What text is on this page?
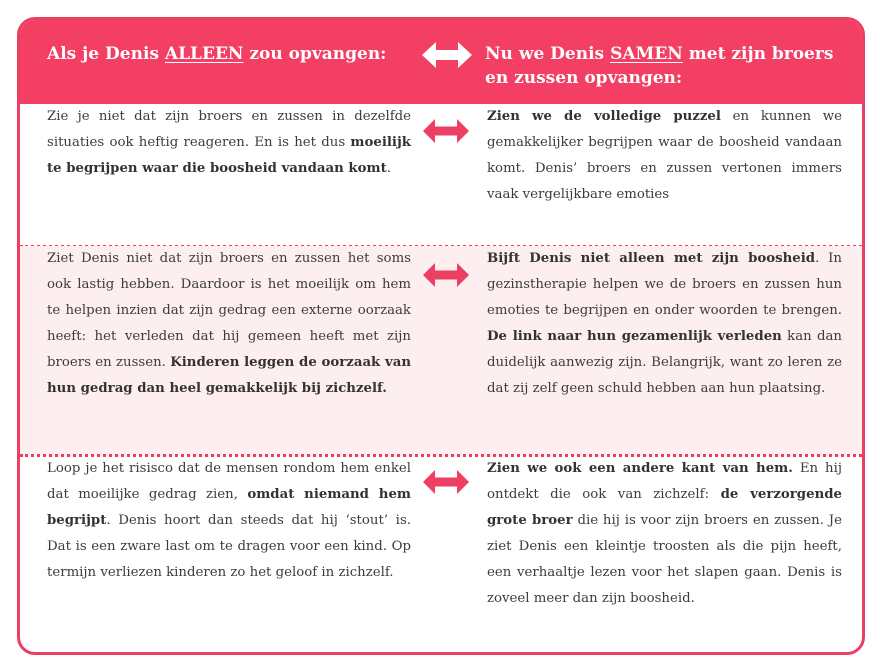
Als je Denis ALLEEN zou opvangen:	Nu we Denis SAMEN met zijn broers en zussen opvangen:
Zie je niet dat zijn broers en zussen in dezelfde situaties ook heftig reageren. En is het dus moeilijk te begrijpen waar die boosheid vandaan komt.
Zien we de volledige puzzel en kunnen we gemakkelijker begrijpen waar de boosheid vandaan komt. Denis’ broers en zussen vertonen immers vaak vergelijkbare emoties
Ziet Denis niet dat zijn broers en zussen het soms ook lastig hebben. Daardoor is het moeilijk om hem te helpen inzien dat zijn gedrag een externe oorzaak heeft: het verleden dat hij gemeen heeft met zijn broers en zussen. Kinderen leggen de oorzaak van hun gedrag dan heel gemakkelijk bij zichzelf.
Bijft Denis niet alleen met zijn boosheid. In gezinstherapie helpen we de broers en zussen hun emoties te begrijpen en onder woorden te brengen. De link naar hun gezamenlijk verleden kan dan duidelijk aanwezig zijn. Belangrijk, want zo leren ze dat zij zelf geen schuld hebben aan hun plaatsing.
Loop je het risisco dat de mensen rondom hem enkel dat moeilijke gedrag zien, omdat niemand hem begrijpt. Denis hoort dan steeds dat hij ‘stout’ is. Dat is een zware last om te dragen voor een kind. Op termijn verliezen kinderen zo het geloof in zichzelf.
Zien we ook een andere kant van hem. En hij ontdekt die ook van zichzelf: de verzorgende grote broer die hij is voor zijn broers en zussen. Je ziet Denis een kleintje troosten als die pijn heeft, een verhaaltje lezen voor het slapen gaan. Denis is zoveel meer dan zijn boosheid.
